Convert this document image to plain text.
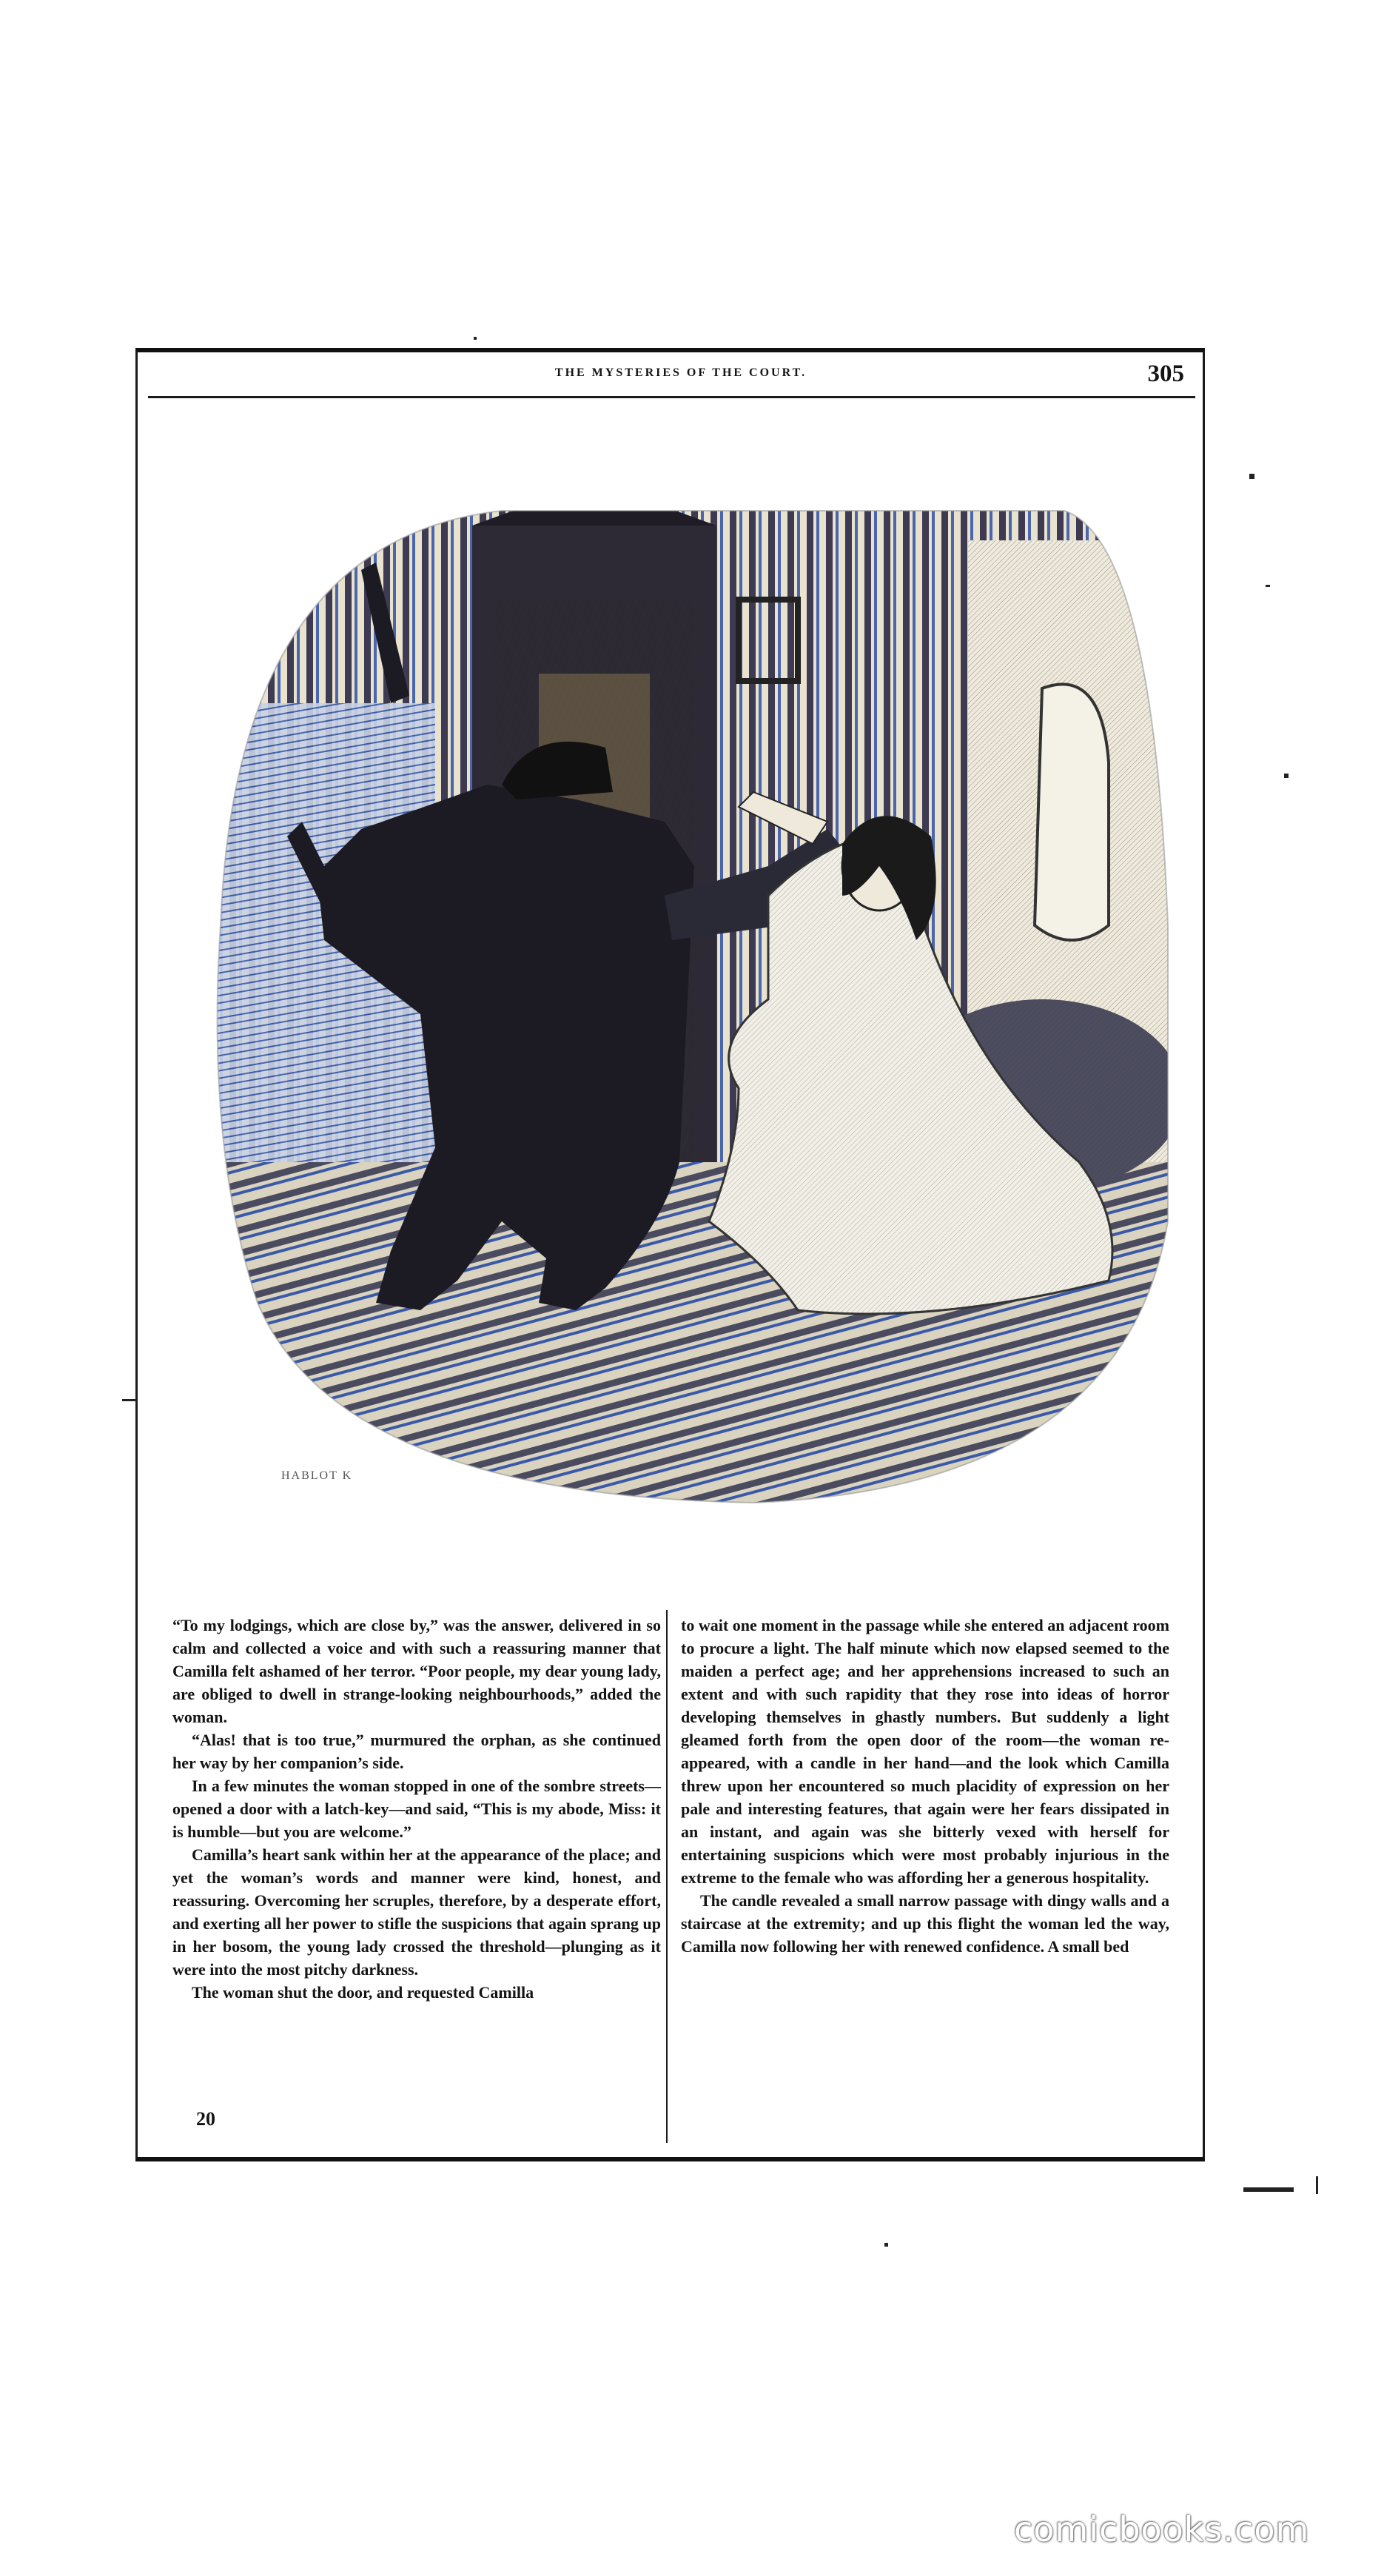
THE MYSTERIES OF THE COURT.	305
HABLOT K

“To my lodgings, which are close by,” was the answer, delivered in so calm and collected a voice and with such a reassuring manner that Camilla felt ashamed of her terror. “Poor people, my dear young lady, are obliged to dwell in strange-looking neighbourhoods,” added the woman.

“Alas! that is too true,” murmured the orphan, as she continued her way by her companion’s side.

In a few minutes the woman stopped in one of the sombre streets—opened a door with a latch-key—and said, “This is my abode, Miss: it is humble—but you are welcome.”

Camilla’s heart sank within her at the appearance of the place; and yet the woman’s words and manner were kind, honest, and reassuring. Overcoming her scruples, therefore, by a desperate effort, and exerting all her power to stifle the suspicions that again sprang up in her bosom, the young lady crossed the threshold—plunging as it were into the most pitchy darkness.

The woman shut the door, and requested Camilla

to wait one moment in the passage while she entered an adjacent room to procure a light. The half minute which now elapsed seemed to the maiden a perfect age; and her apprehensions increased to such an extent and with such rapidity that they rose into ideas of horror developing themselves in ghastly numbers. But suddenly a light gleamed forth from the open door of the room—the woman re-appeared, with a candle in her hand—and the look which Camilla threw upon her encountered so much placidity of expression on her pale and interesting features, that again were her fears dissipated in an instant, and again was she bitterly vexed with herself for entertaining suspicions which were most probably injurious in the extreme to the female who was affording her a generous hospitality.

The candle revealed a small narrow passage with dingy walls and a staircase at the extremity; and up this flight the woman led the way, Camilla now following her with renewed confidence. A small bed

20
comicbooks.com
